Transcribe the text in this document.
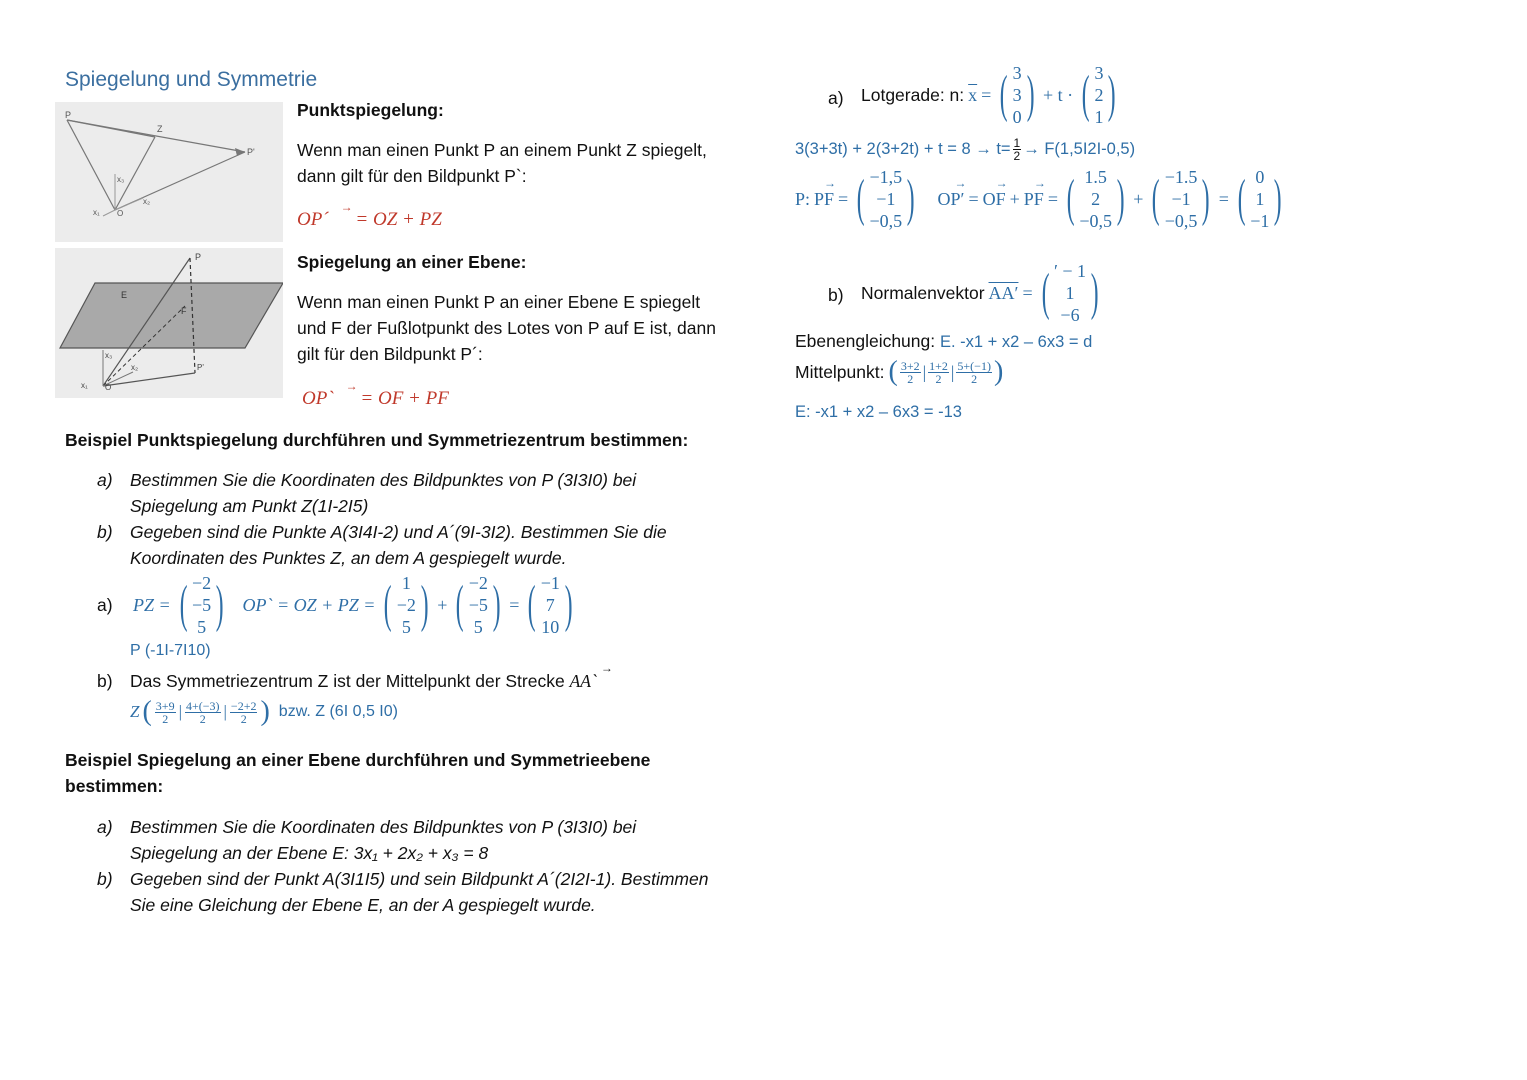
Spiegelung und Symmetrie
P
Z
P'
x₃
x₂
x₁ O
P
E
F
x₃
x₂	P'
x₁ O
Punktspiegelung:
Wenn man einen Punkt P an einem Punkt Z spiegelt,
dann gilt für den Bildpunkt P`:
OP´ → = OZ + PZ
Spiegelung an einer Ebene:
Wenn man einen Punkt P an einer Ebene E spiegelt
und F der Fußlotpunkt des Lotes von P auf E ist, dann
gilt für den Bildpunkt P´:
OP` → = OF + PF
Beispiel Punktspiegelung durchführen und Symmetriezentrum bestimmen:
a) Bestimmen Sie die Koordinaten des Bildpunktes von P (3I3I0) bei
Spiegelung am Punkt Z(1I-2I5)
b) Gegeben sind die Punkte A(3I4I-2) und A´(9I-3I2). Bestimmen Sie die
Koordinaten des Punktes Z, an dem A gespiegelt wurde.
a) PZ = ( −2
−5
5 ) OP` = OZ + PZ = ( 1
−2
5 ) + ( −2
−5
5 ) = ( −1
7
10 )
P (-1I-7I10)
b) Das Symmetriezentrum Z ist der Mittelpunkt der Strecke AA` →
Z ( $\frac{3+9}{2}$ | $\frac{4+(-3)}{2}$ | $\frac{-2+2}{2}$ ) bzw. Z (6I 0,5 I0)
Beispiel Spiegelung an einer Ebene durchführen und Symmetrieebene
bestimmen:
a) Bestimmen Sie die Koordinaten des Bildpunktes von P (3I3I0) bei
Spiegelung an der Ebene E: 3x₁ + 2x₂ + x₃ = 8
b) Gegeben sind der Punkt A(3I1I5) und sein Bildpunkt A´(2I2I-1). Bestimmen
Sie eine Gleichung der Ebene E, an der A gespiegelt wurde.
a) Lotgerade: n: $\overline{x}$ = ( 3
3
0 ) + t · ( 3
2
1 )
$3(3+3t) + 2(3+2t) + t = 8 \to t= \frac{1}{2} \to F(1,5I2I-0,5)$
P: PF → = ( −1,5
−1
−0,5 ) OP′ → = OF → + PF → = ( 1.5
2
−0,5 ) + ( −1.5
−1
−0,5 ) = ( 0
1
−1 )
b) Normalenvektor AA′ = ( ′ − 1
1
−6 )
Ebenengleichung: E. -x1 + x2 – 6x3 = d
Mittelpunkt: ( $\frac{3+2}{2}$ | $\frac{1+2}{2}$ | $\frac{5+(-1)}{2}$ )
E: -x1 + x2 – 6x3 = -13
